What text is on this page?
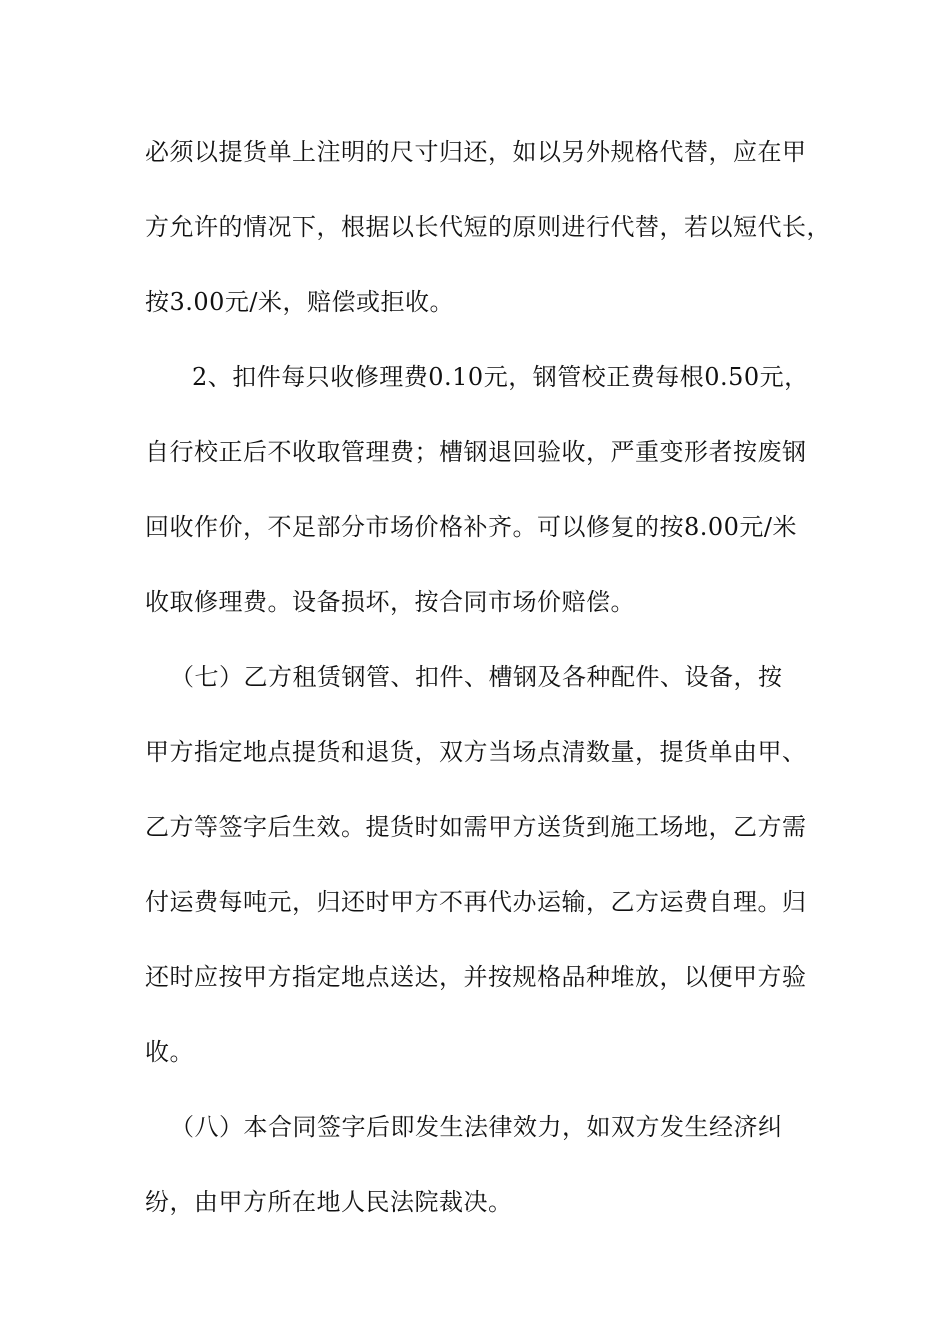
必须以提货单上注明的尺寸归还，如以另外规格代替，应在甲
方允许的情况下，根据以长代短的原则进行代替，若以短代长，
按3.00元/米，赔偿或拒收。
2、扣件每只收修理费0.10元，钢管校正费每根0.50元，
自行校正后不收取管理费；槽钢退回验收，严重变形者按废钢
回收作价，不足部分市场价格补齐。可以修复的按8.00元/米
收取修理费。设备损坏，按合同市场价赔偿。
（七）乙方租赁钢管、扣件、槽钢及各种配件、设备，按
甲方指定地点提货和退货，双方当场点清数量，提货单由甲、
乙方等签字后生效。提货时如需甲方送货到施工场地，乙方需
付运费每吨元，归还时甲方不再代办运输，乙方运费自理。归
还时应按甲方指定地点送达，并按规格品种堆放，以便甲方验
收。
（八）本合同签字后即发生法律效力，如双方发生经济纠
纷，由甲方所在地人民法院裁决。
